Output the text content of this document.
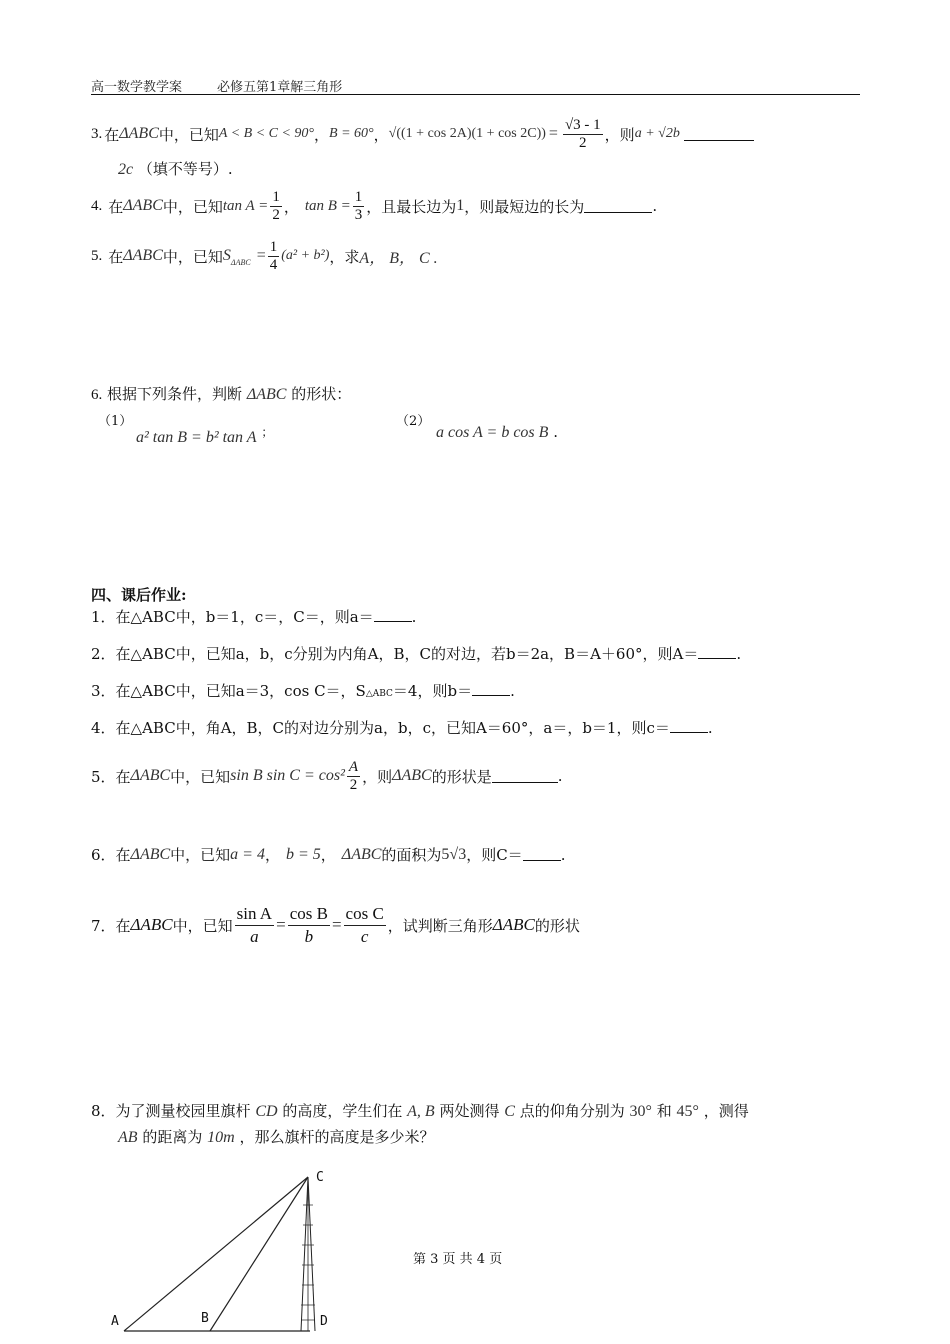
高一数学教学案	必修五第1章解三角形
3. 在 ΔABC 中，已知 A < B < C < 90° ， B = 60° ， $√((1 + \cos 2A)(1 + \cos 2C)) = \frac{√3 - 1}{2}$ ，则 a + √2b
2c （填不等号）.
4. 在 ΔABC 中，已知 $\tan A = \frac{1}{2}$ ， $\tan B = \frac{1}{3}$ ，且最长边为 1 ，则最短边的长为	.
5. 在 ΔABC 中，已知 S $\Delta ABC = \frac{1}{4} (a^2 + b^2)$ ，求 A， B， C .
6. 根据下列条件，判断 ΔABC 的形状：
（1）
a² tan B = b² tan A ；
（2）
a cos A = b cos B .
四、课后作业:
1．在△ABC中，b＝1，c＝，C＝，则a＝	.
2．在△ABC中，已知a，b，c分别为内角A，B，C的对边，若b＝2a，B＝A＋60°，则A＝	.
3．在△ABC中，已知a＝3，cos C＝，S△ABC＝4，则b＝	.
4．在△ABC中，角A，B，C的对边分别为a，b，c，已知A＝60°，a＝，b＝1，则c＝	.
5．在 ΔABC 中，已知 sin B $\sin C = \cos^2 \frac{A}{2}$ ，则 ΔABC 的形状是	.
6．在 ΔABC 中，已知 a = 4 ， b = 5 ， ΔABC 的面积为 5√3 ，则C＝	.
7．在 ΔABC 中，已知 $\frac{\text{sin A}}{a} = \frac{\text{cos B}}{b} = \frac{\text{cos C}}{c}$ ，试判断三角形 ΔABC 的形状
8．为了测量校园里旗杆 CD 的高度，学生们在 A, B 两处测得 C 点的仰角分别为 30° 和 45° ，测得
AB 的距离为 10m ，那么旗杆的高度是多少米？
A	B
C
D
第 3 页 共 4 页
